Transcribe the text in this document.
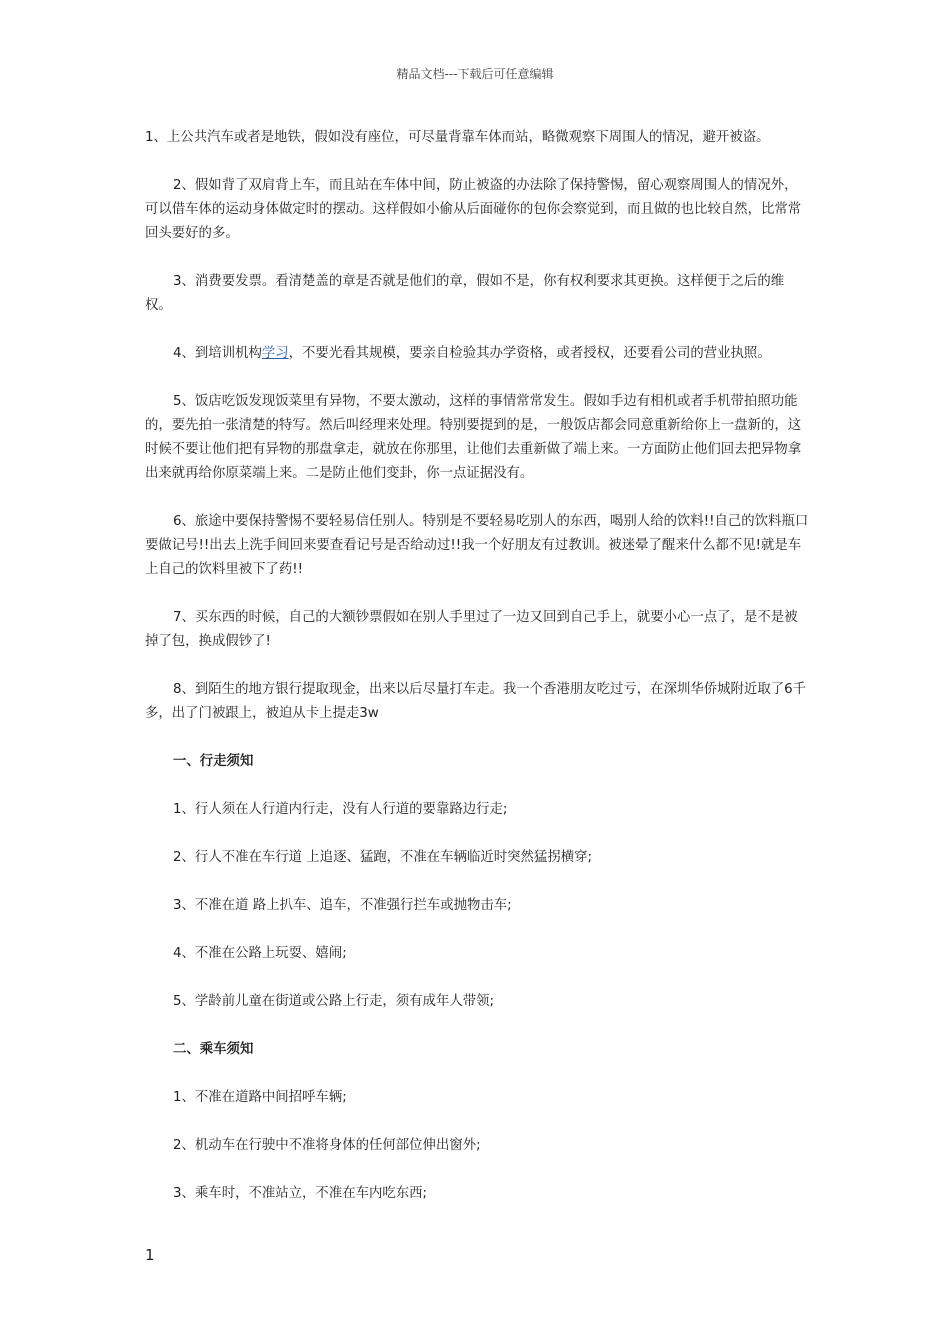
精品文档---下载后可任意编辑

1、上公共汽车或者是地铁，假如没有座位，可尽量背靠车体而站，略微观察下周围人的情况，避开被盗。

2、假如背了双肩背上车，而且站在车体中间，防止被盗的办法除了保持警惕，留心观察周围人的情况外，可以借车体的运动身体做定时的摆动。这样假如小偷从后面碰你的包你会察觉到，而且做的也比较自然，比常常回头要好的多。

3、消费要发票。看清楚盖的章是否就是他们的章，假如不是，你有权利要求其更换。这样便于之后的维权。

4、到培训机构学习，不要光看其规模，要亲自检验其办学资格，或者授权，还要看公司的营业执照。

5、饭店吃饭发现饭菜里有异物，不要太激动，这样的事情常常发生。假如手边有相机或者手机带拍照功能的，要先拍一张清楚的特写。然后叫经理来处理。特别要提到的是，一般饭店都会同意重新给你上一盘新的，这时候不要让他们把有异物的那盘拿走，就放在你那里，让他们去重新做了端上来。一方面防止他们回去把异物拿出来就再给你原菜端上来。二是防止他们变卦，你一点证据没有。

6、旅途中要保持警惕不要轻易信任别人。特别是不要轻易吃别人的东西，喝别人给的饮料!!自己的饮料瓶口要做记号!!出去上洗手间回来要查看记号是否给动过!!我一个好朋友有过教训。被迷晕了醒来什么都不见!就是车上自己的饮料里被下了药!!

7、买东西的时候，自己的大额钞票假如在别人手里过了一边又回到自己手上，就要小心一点了，是不是被掉了包，换成假钞了!

8、到陌生的地方银行提取现金，出来以后尽量打车走。我一个香港朋友吃过亏，在深圳华侨城附近取了6千多，出了门被跟上，被迫从卡上提走3w

一、行走须知

1、行人须在人行道内行走，没有人行道的要靠路边行走;

2、行人不准在车行道 上追逐、猛跑，不准在车辆临近时突然猛拐横穿;

3、不准在道 路上扒车、追车，不准强行拦车或抛物击车;

4、不准在公路上玩耍、嬉闹;

5、学龄前儿童在街道或公路上行走，须有成年人带领;

二、乘车须知

1、不准在道路中间招呼车辆;

2、机动车在行驶中不准将身体的任何部位伸出窗外;

3、乘车时，不准站立，不准在车内吃东西;

1
